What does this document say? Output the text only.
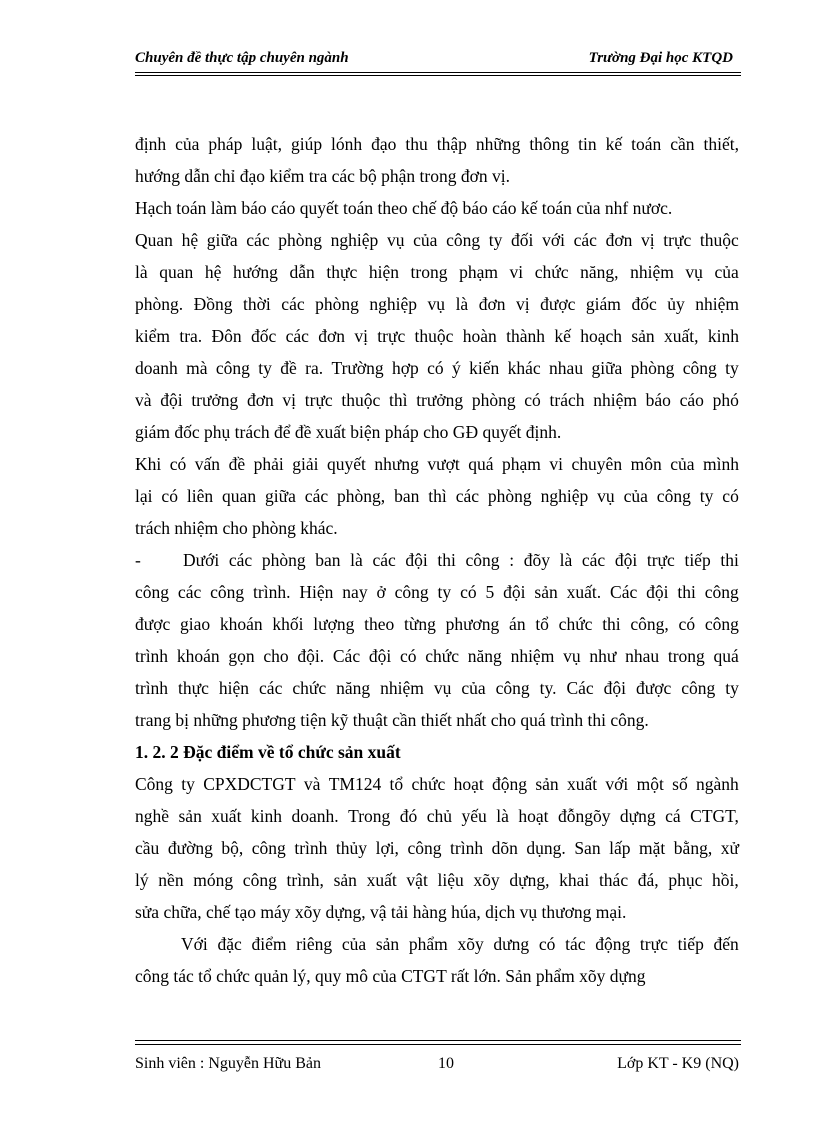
Chuyên đề thực tập chuyên ngành	Trường Đại học KTQD
định của pháp luật, giúp lónh đạo thu thập những thông tin kế toán cần thiết,
hướng dẫn chỉ đạo kiểm tra các bộ phận trong đơn vị.
Hạch toán làm báo cáo quyết toán theo chế độ báo cáo kế toán của nhf nươc.
Quan hệ giữa các phòng nghiệp vụ của công ty đối với các đơn vị trực thuộc
là quan hệ hướng dẫn thực hiện trong phạm vi chức năng, nhiệm vụ của
phòng. Đồng thời các phòng nghiệp vụ là đơn vị được giám đốc ủy nhiệm
kiểm tra. Đôn đốc các đơn vị trực thuộc hoàn thành kế hoạch sản xuất, kinh
doanh mà công ty đề ra. Trường hợp có ý kiến khác nhau giữa phòng công ty
và đội trưởng đơn vị trực thuộc thì trưởng phòng có trách nhiệm báo cáo phó
giám đốc phụ trách để đề xuất biện pháp cho GĐ quyết định.
Khi có vấn đề phải giải quyết nhưng vượt quá phạm vi chuyên môn của mình
lại có liên quan giữa các phòng, ban thì các phòng nghiệp vụ của công ty có
trách nhiệm cho phòng khác.
-	Dưới các phòng ban là các đội thi công : đõy là các đội trực tiếp thi
công các công trình. Hiện nay ở công ty có 5 đội sản xuất. Các đội thi công
được giao khoán khối lượng theo từng phương án tổ chức thi công, có công
trình khoán gọn cho đội. Các đội có chức năng nhiệm vụ như nhau trong quá
trình thực hiện các chức năng nhiệm vụ của công ty. Các đội được công ty
trang bị những phương tiện kỹ thuật cần thiết nhất cho quá trình thi công.
1. 2. 2 Đặc điểm về tổ chức sản xuất
Công ty CPXDCTGT và TM124 tổ chức hoạt động sản xuất với một số ngành
nghề sản xuất kinh doanh. Trong đó chủ yếu là hoạt đỗngõy dựng cá CTGT,
cầu đường bộ, công trình thủy lợi, công trình dõn dụng. San lấp mặt bằng, xử
lý nền móng công trình, sản xuất vật liệu xõy dựng, khai thác đá, phục hồi,
sửa chữa, chế tạo máy xõy dựng, vậ tải hàng húa, dịch vụ thương mại.
Với đặc điểm riêng của sản phẩm xõy dưng có tác động trực tiếp đến
công tác tổ chức quản lý, quy mô của CTGT rất lớn. Sản phẩm xõy dựng
Sinh viên : Nguyễn Hữu Bản	10	Lớp KT - K9 (NQ)
